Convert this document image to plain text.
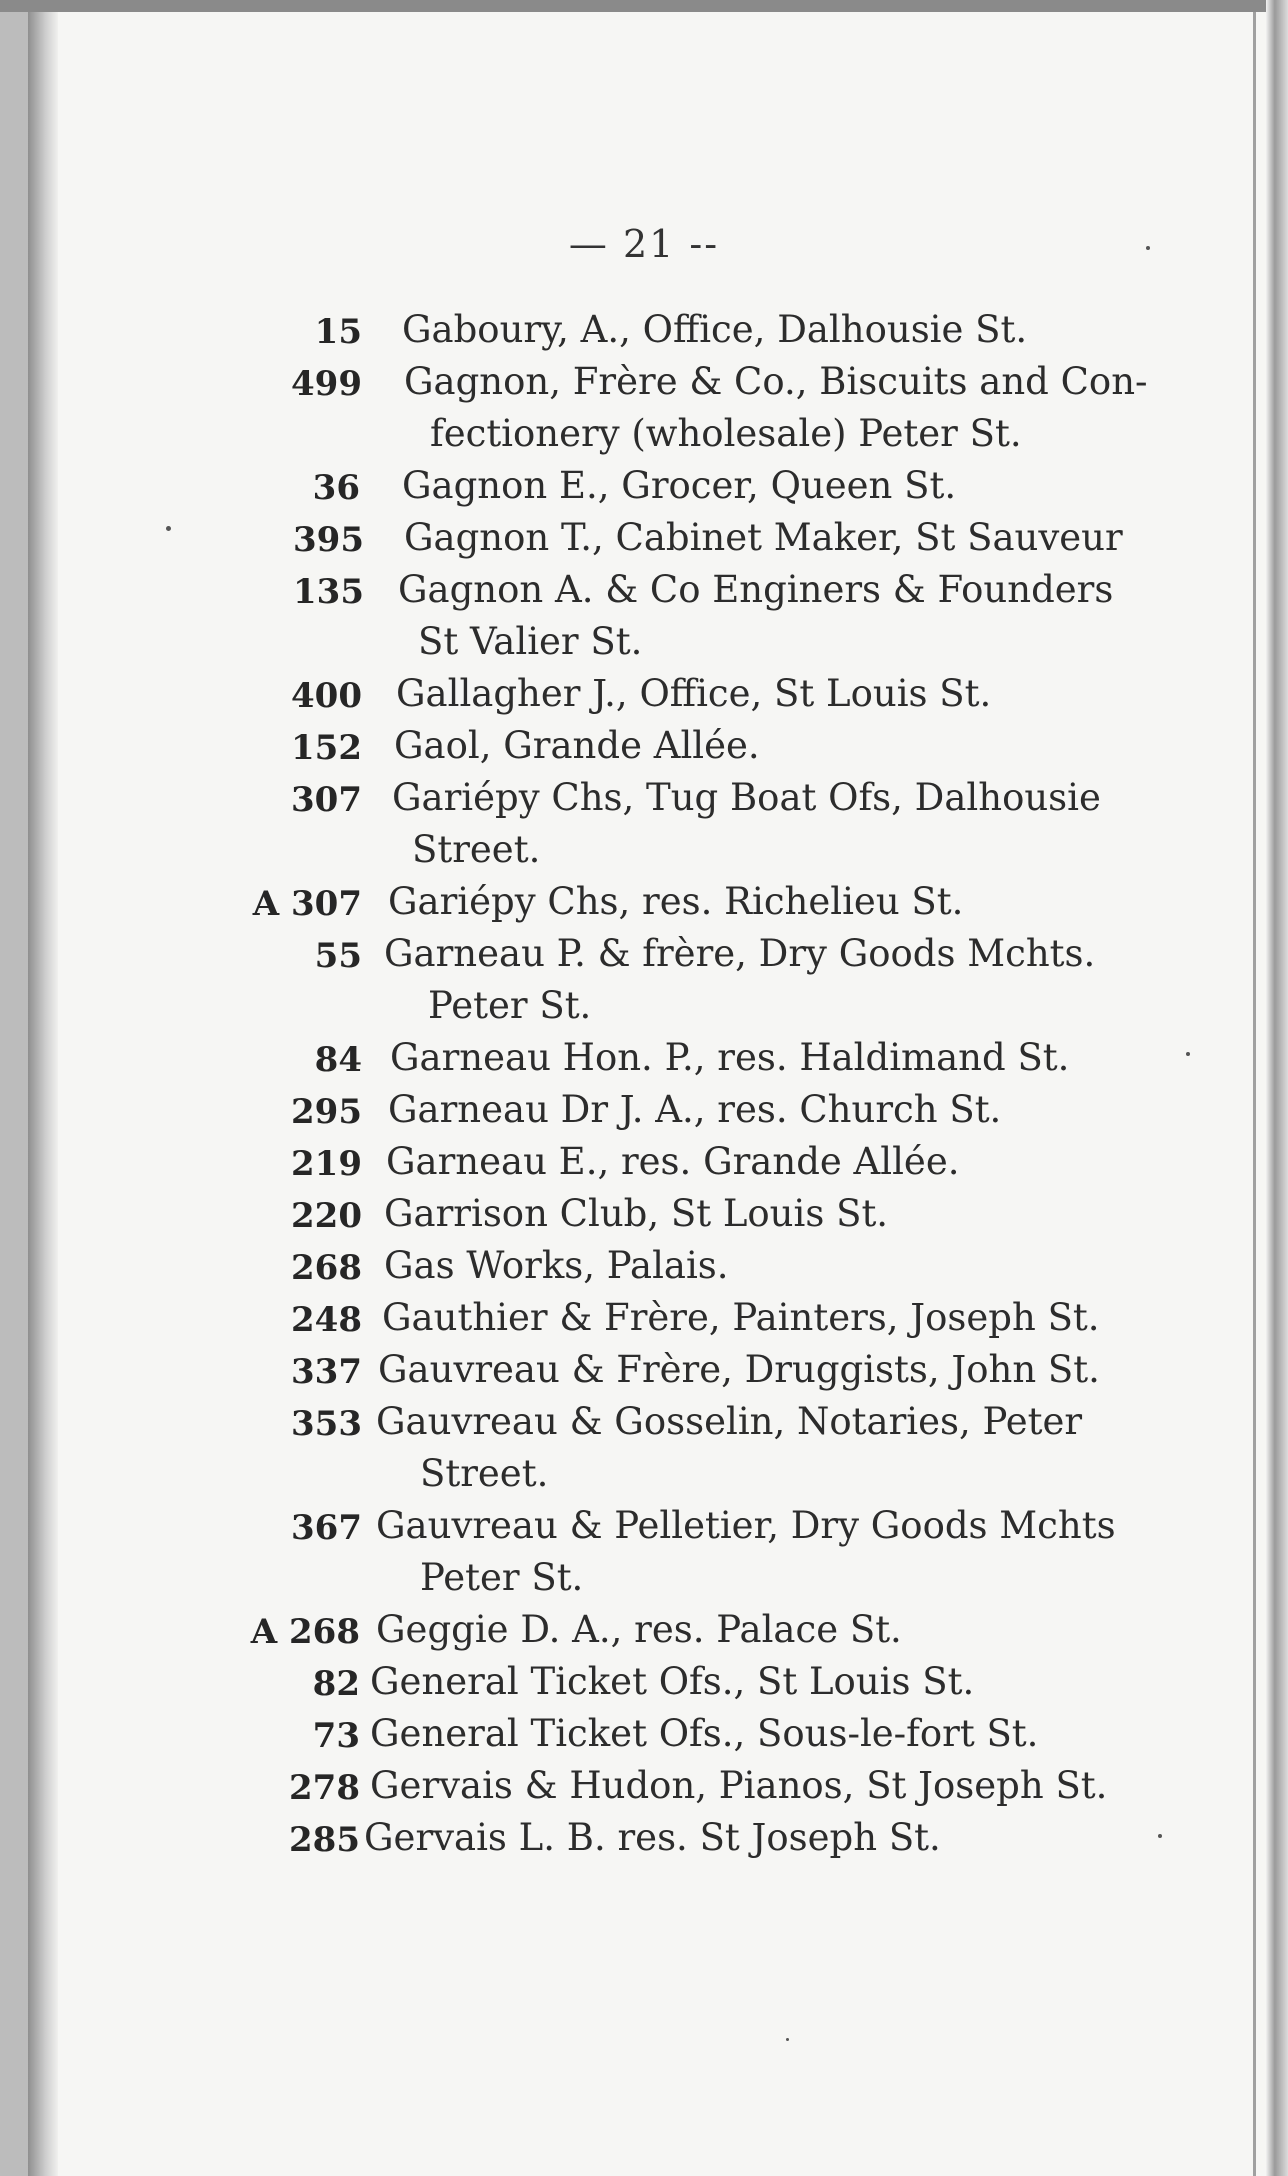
— 21 --
15 Gaboury, A., Office, Dalhousie St.
499 Gagnon, Frère & Co., Biscuits and Con-
fectionery (wholesale) Peter St.
36 Gagnon E., Grocer, Queen St.
395 Gagnon T., Cabinet Maker, St Sauveur
135 Gagnon A. & Co Enginers & Founders
St Valier St.
400 Gallagher J., Office, St Louis St.
152 Gaol, Grande Allée.
307 Gariépy Chs, Tug Boat Ofs, Dalhousie
Street.
A 307 Gariépy Chs, res. Richelieu St.
55 Garneau P. & frère, Dry Goods Mchts.
Peter St.
84 Garneau Hon. P., res. Haldimand St.
295 Garneau Dr J. A., res. Church St.
219 Garneau E., res. Grande Allée.
220 Garrison Club, St Louis St.
268 Gas Works, Palais.
248 Gauthier & Frère, Painters, Joseph St.
337 Gauvreau & Frère, Druggists, John St.
353 Gauvreau & Gosselin, Notaries, Peter
Street.
367 Gauvreau & Pelletier, Dry Goods Mchts
Peter St.
A 268 Geggie D. A., res. Palace St.
82 General Ticket Ofs., St Louis St.
73 General Ticket Ofs., Sous-le-fort St.
278 Gervais & Hudon, Pianos, St Joseph St.
285 Gervais L. B. res. St Joseph St.
